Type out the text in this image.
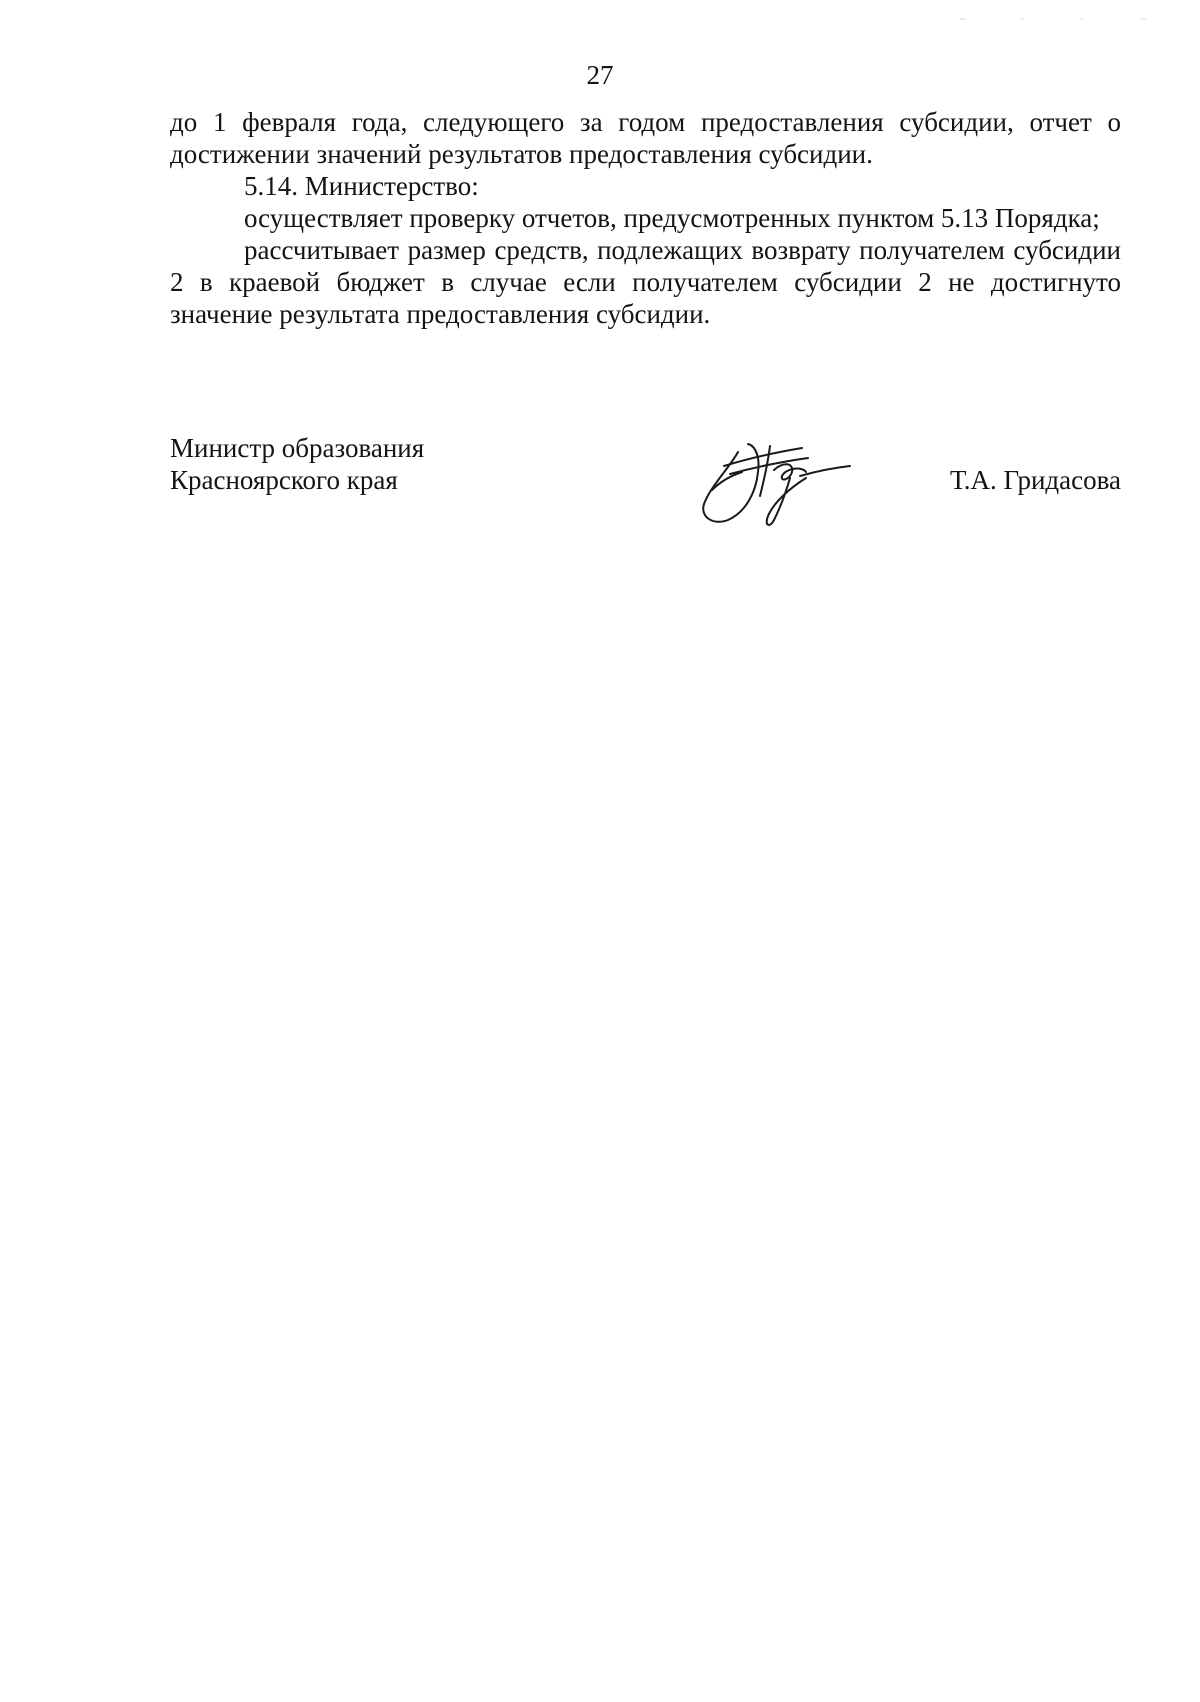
27

до 1 февраля года, следующего за годом предоставления субсидии, отчет о достижении значений результатов предоставления субсидии.

5.14. Министерство:

осуществляет проверку отчетов, предусмотренных пунктом 5.13 Порядка;

рассчитывает размер средств, подлежащих возврату получателем субсидии 2 в краевой бюджет в случае если получателем субсидии 2 не достигнуто значение результата предоставления субсидии.

Министр образования
Красноярского края	Т.А. Гридасова
